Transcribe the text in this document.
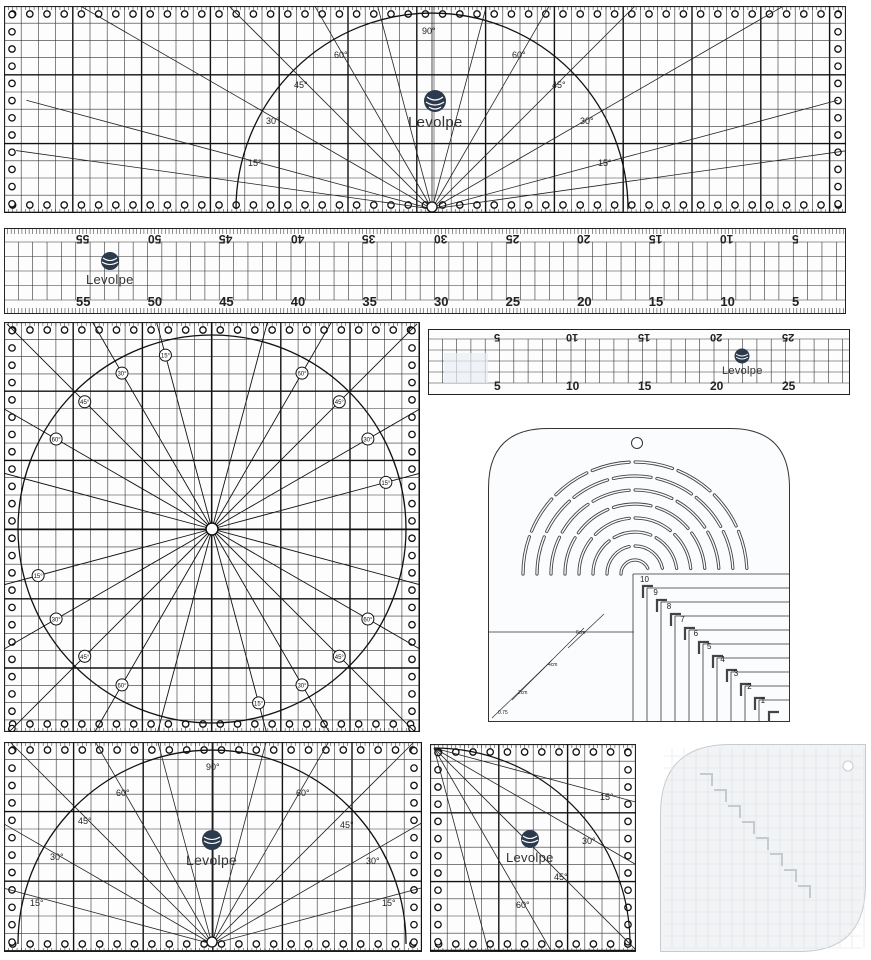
Levolpe
15°
30°
45°
60°
90°
60°
45°
30°
15°
Levolpe
55
55
50
50
45
45
40
40
35
35
30
30
25
25
20
20
15
15
10
10
5
5
Levolpe
5	10	15	20	25
5	10	15	20	25
15°
30°
45°
60°
15°
30°
45°
60°
15°
30°
45°
60°
15°
30°
45°
60°
10
9
8
7
6
5
4
3
2
1
6cm
4cm
2cm
0.75
Levolpe
15°
30°
45°
60°
90°
60°
45°
30°
15°
Levolpe
15°
30°
45°
60°
